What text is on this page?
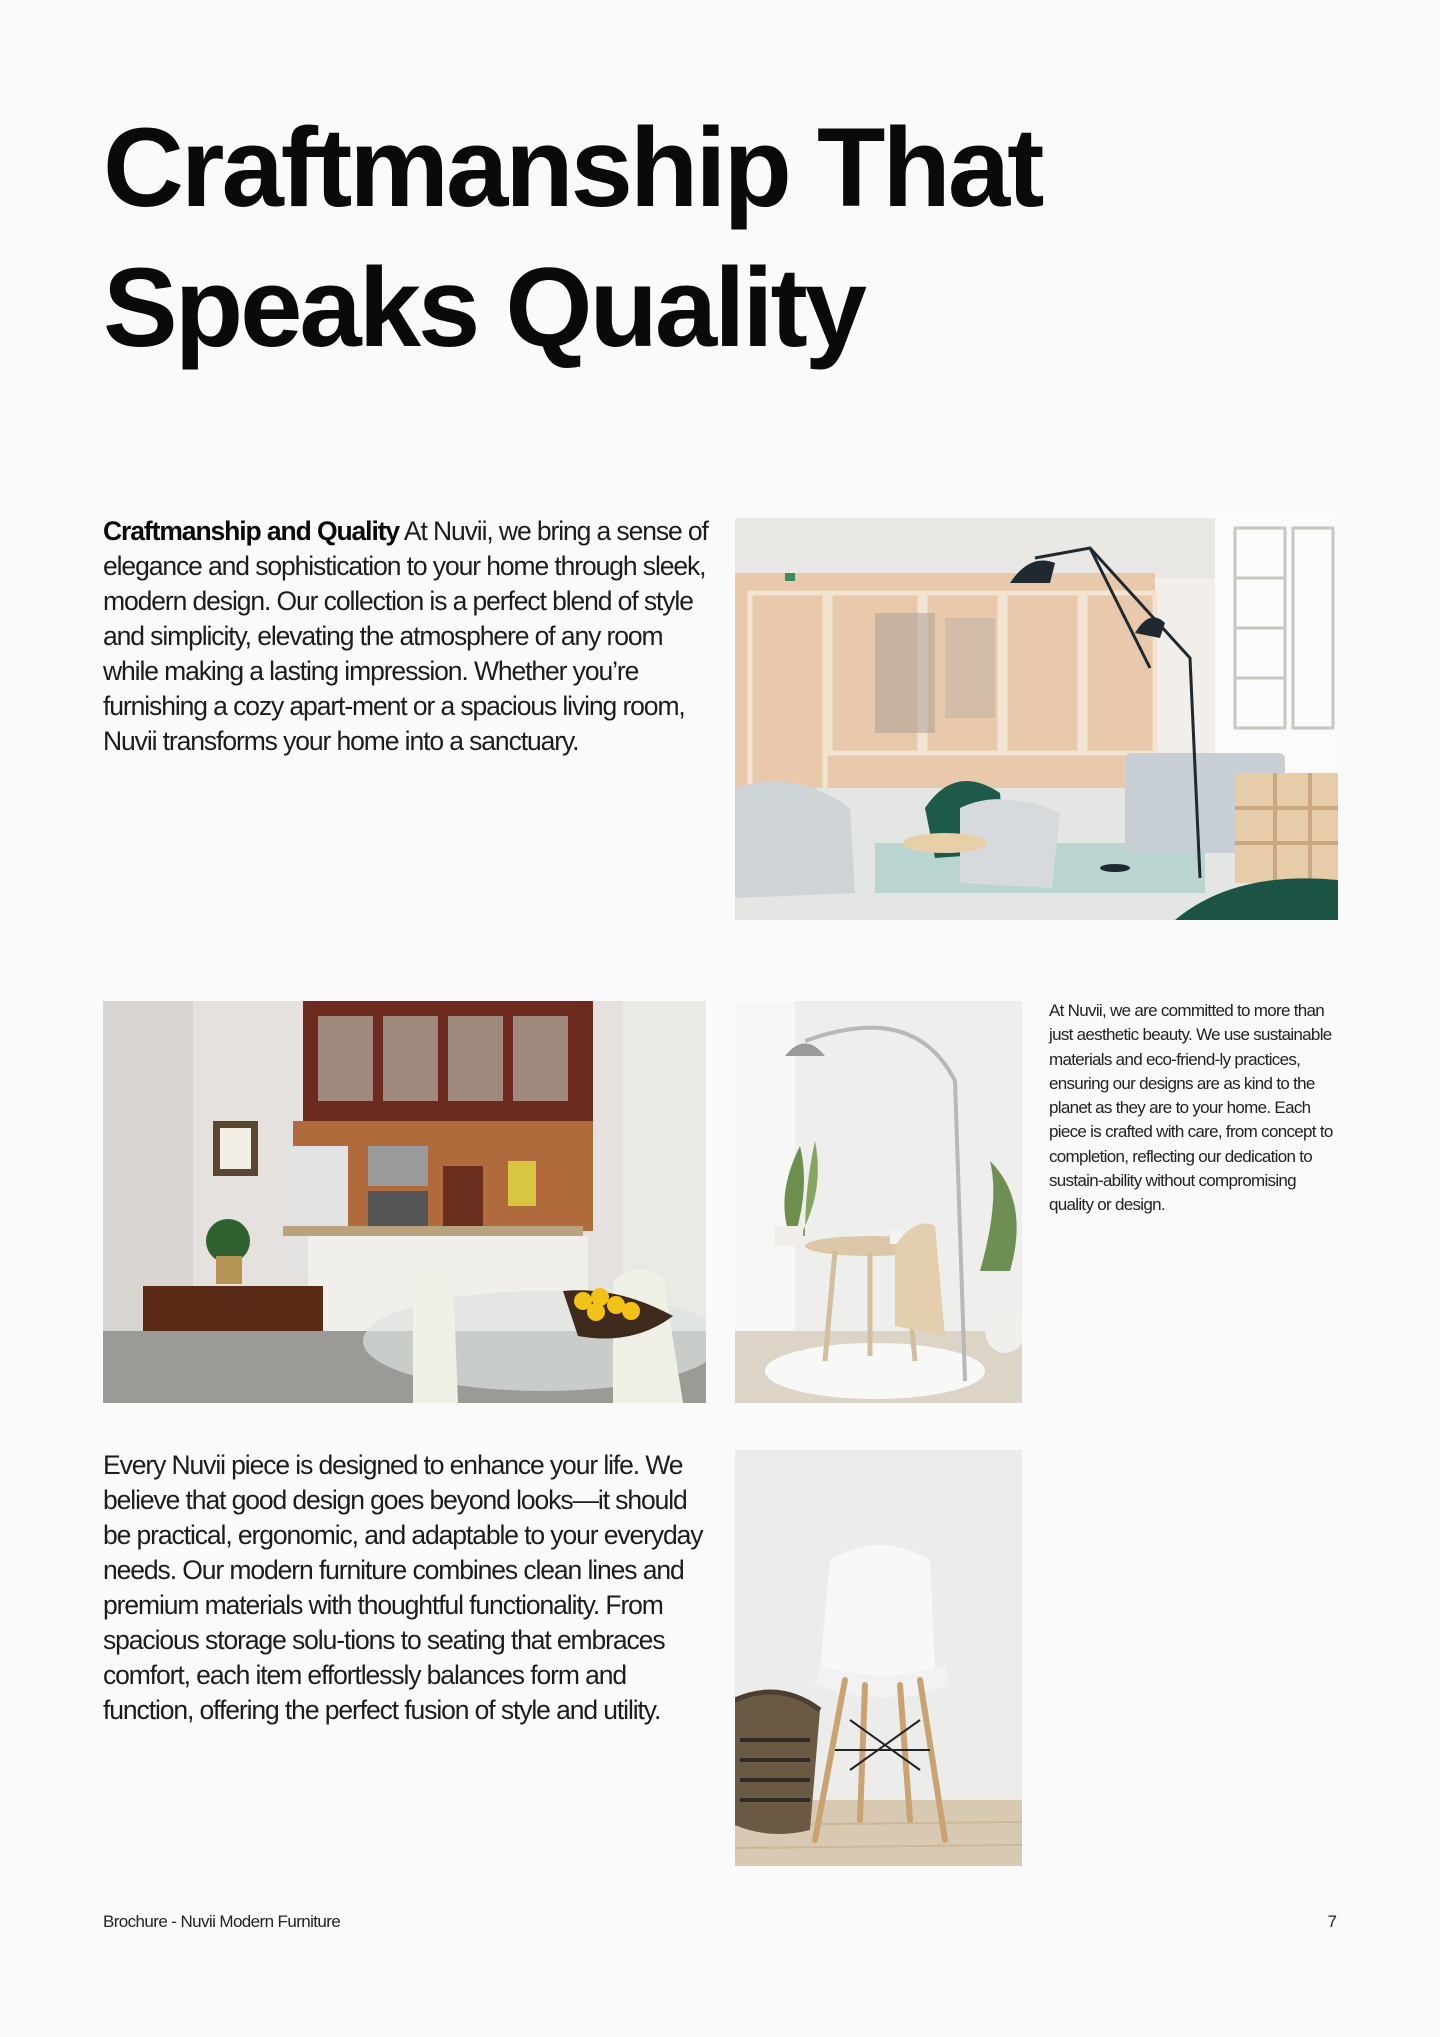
Craftmanship That
Speaks Quality

Craftmanship and Quality At Nuvii, we bring a sense of elegance and sophistication to your home through sleek, modern design. Our collection is a perfect blend of style and simplicity, elevating the atmosphere of any room while making a lasting impression. Whether you’re furnishing a cozy apart-ment or a spacious living room, Nuvii transforms your home into a sanctuary.

At Nuvii, we are committed to more than just aesthetic beauty. We use sustainable materials and eco-friend-ly practices, ensuring our designs are as kind to the planet as they are to your home. Each piece is crafted with care, from concept to completion, reflecting our dedication to sustain-ability without compromising quality or design.

Every Nuvii piece is designed to enhance your life. We believe that good design goes beyond looks—it should be practical, ergonomic, and adaptable to your everyday needs. Our modern furniture combines clean lines and premium materials with thoughtful functionality. From spacious storage solu-tions to seating that embraces comfort, each item effortlessly balances form and function, offering the perfect fusion of style and utility.

Brochure - Nuvii Modern Furniture	7
